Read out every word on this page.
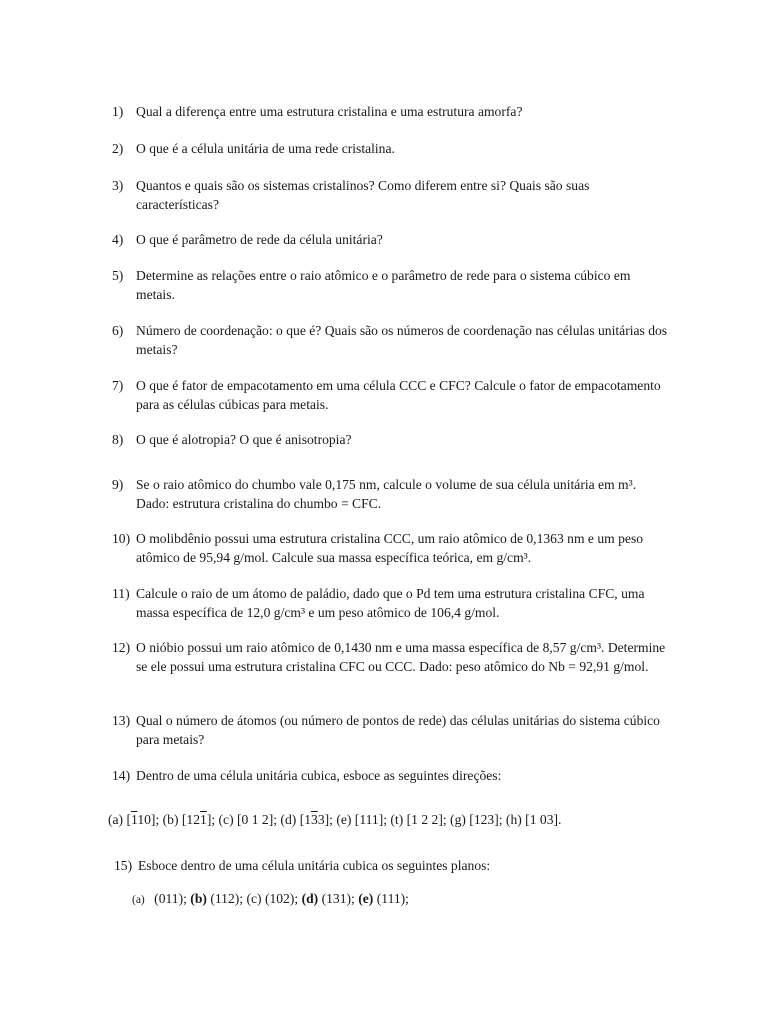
1) Qual a diferença entre uma estrutura cristalina e uma estrutura amorfa?
2) O que é a célula unitária de uma rede cristalina.
3) Quantos e quais são os sistemas cristalinos? Como diferem entre si? Quais são suas características?
4) O que é parâmetro de rede da célula unitária?
5) Determine as relações entre o raio atômico e o parâmetro de rede para o sistema cúbico em metais.
6) Número de coordenação: o que é? Quais são os números de coordenação nas células unitárias dos metais?
7) O que é fator de empacotamento em uma célula CCC e CFC? Calcule o fator de empacotamento para as células cúbicas para metais.
8) O que é alotropia? O que é anisotropia?
9) Se o raio atômico do chumbo vale 0,175 nm, calcule o volume de sua célula unitária em m³. Dado: estrutura cristalina do chumbo = CFC.
10) O molibdênio possui uma estrutura cristalina CCC, um raio atômico de 0,1363 nm e um peso atômico de 95,94 g/mol. Calcule sua massa específica teórica, em g/cm³.
11) Calcule o raio de um átomo de paládio, dado que o Pd tem uma estrutura cristalina CFC, uma massa específica de 12,0 g/cm³ e um peso atômico de 106,4 g/mol.
12) O nióbio possui um raio atômico de 0,1430 nm e uma massa específica de 8,57 g/cm³. Determine se ele possui uma estrutura cristalina CFC ou CCC. Dado: peso atômico do Nb = 92,91 g/mol.
13) Qual o número de átomos (ou número de pontos de rede) das células unitárias do sistema cúbico para metais?
14) Dentro de uma célula unitária cubica, esboce as seguintes direções:
(a) [110]; (b) [121]; (c) [0 1 2]; (d) [133]; (e) [111]; (t) [1 2 2]; (g) [123]; (h) [1 03].
15) Esboce dentro de uma célula unitária cubica os seguintes planos:
(a) (011); (b) (112); (c) (102); (d) (131); (e) (111);
